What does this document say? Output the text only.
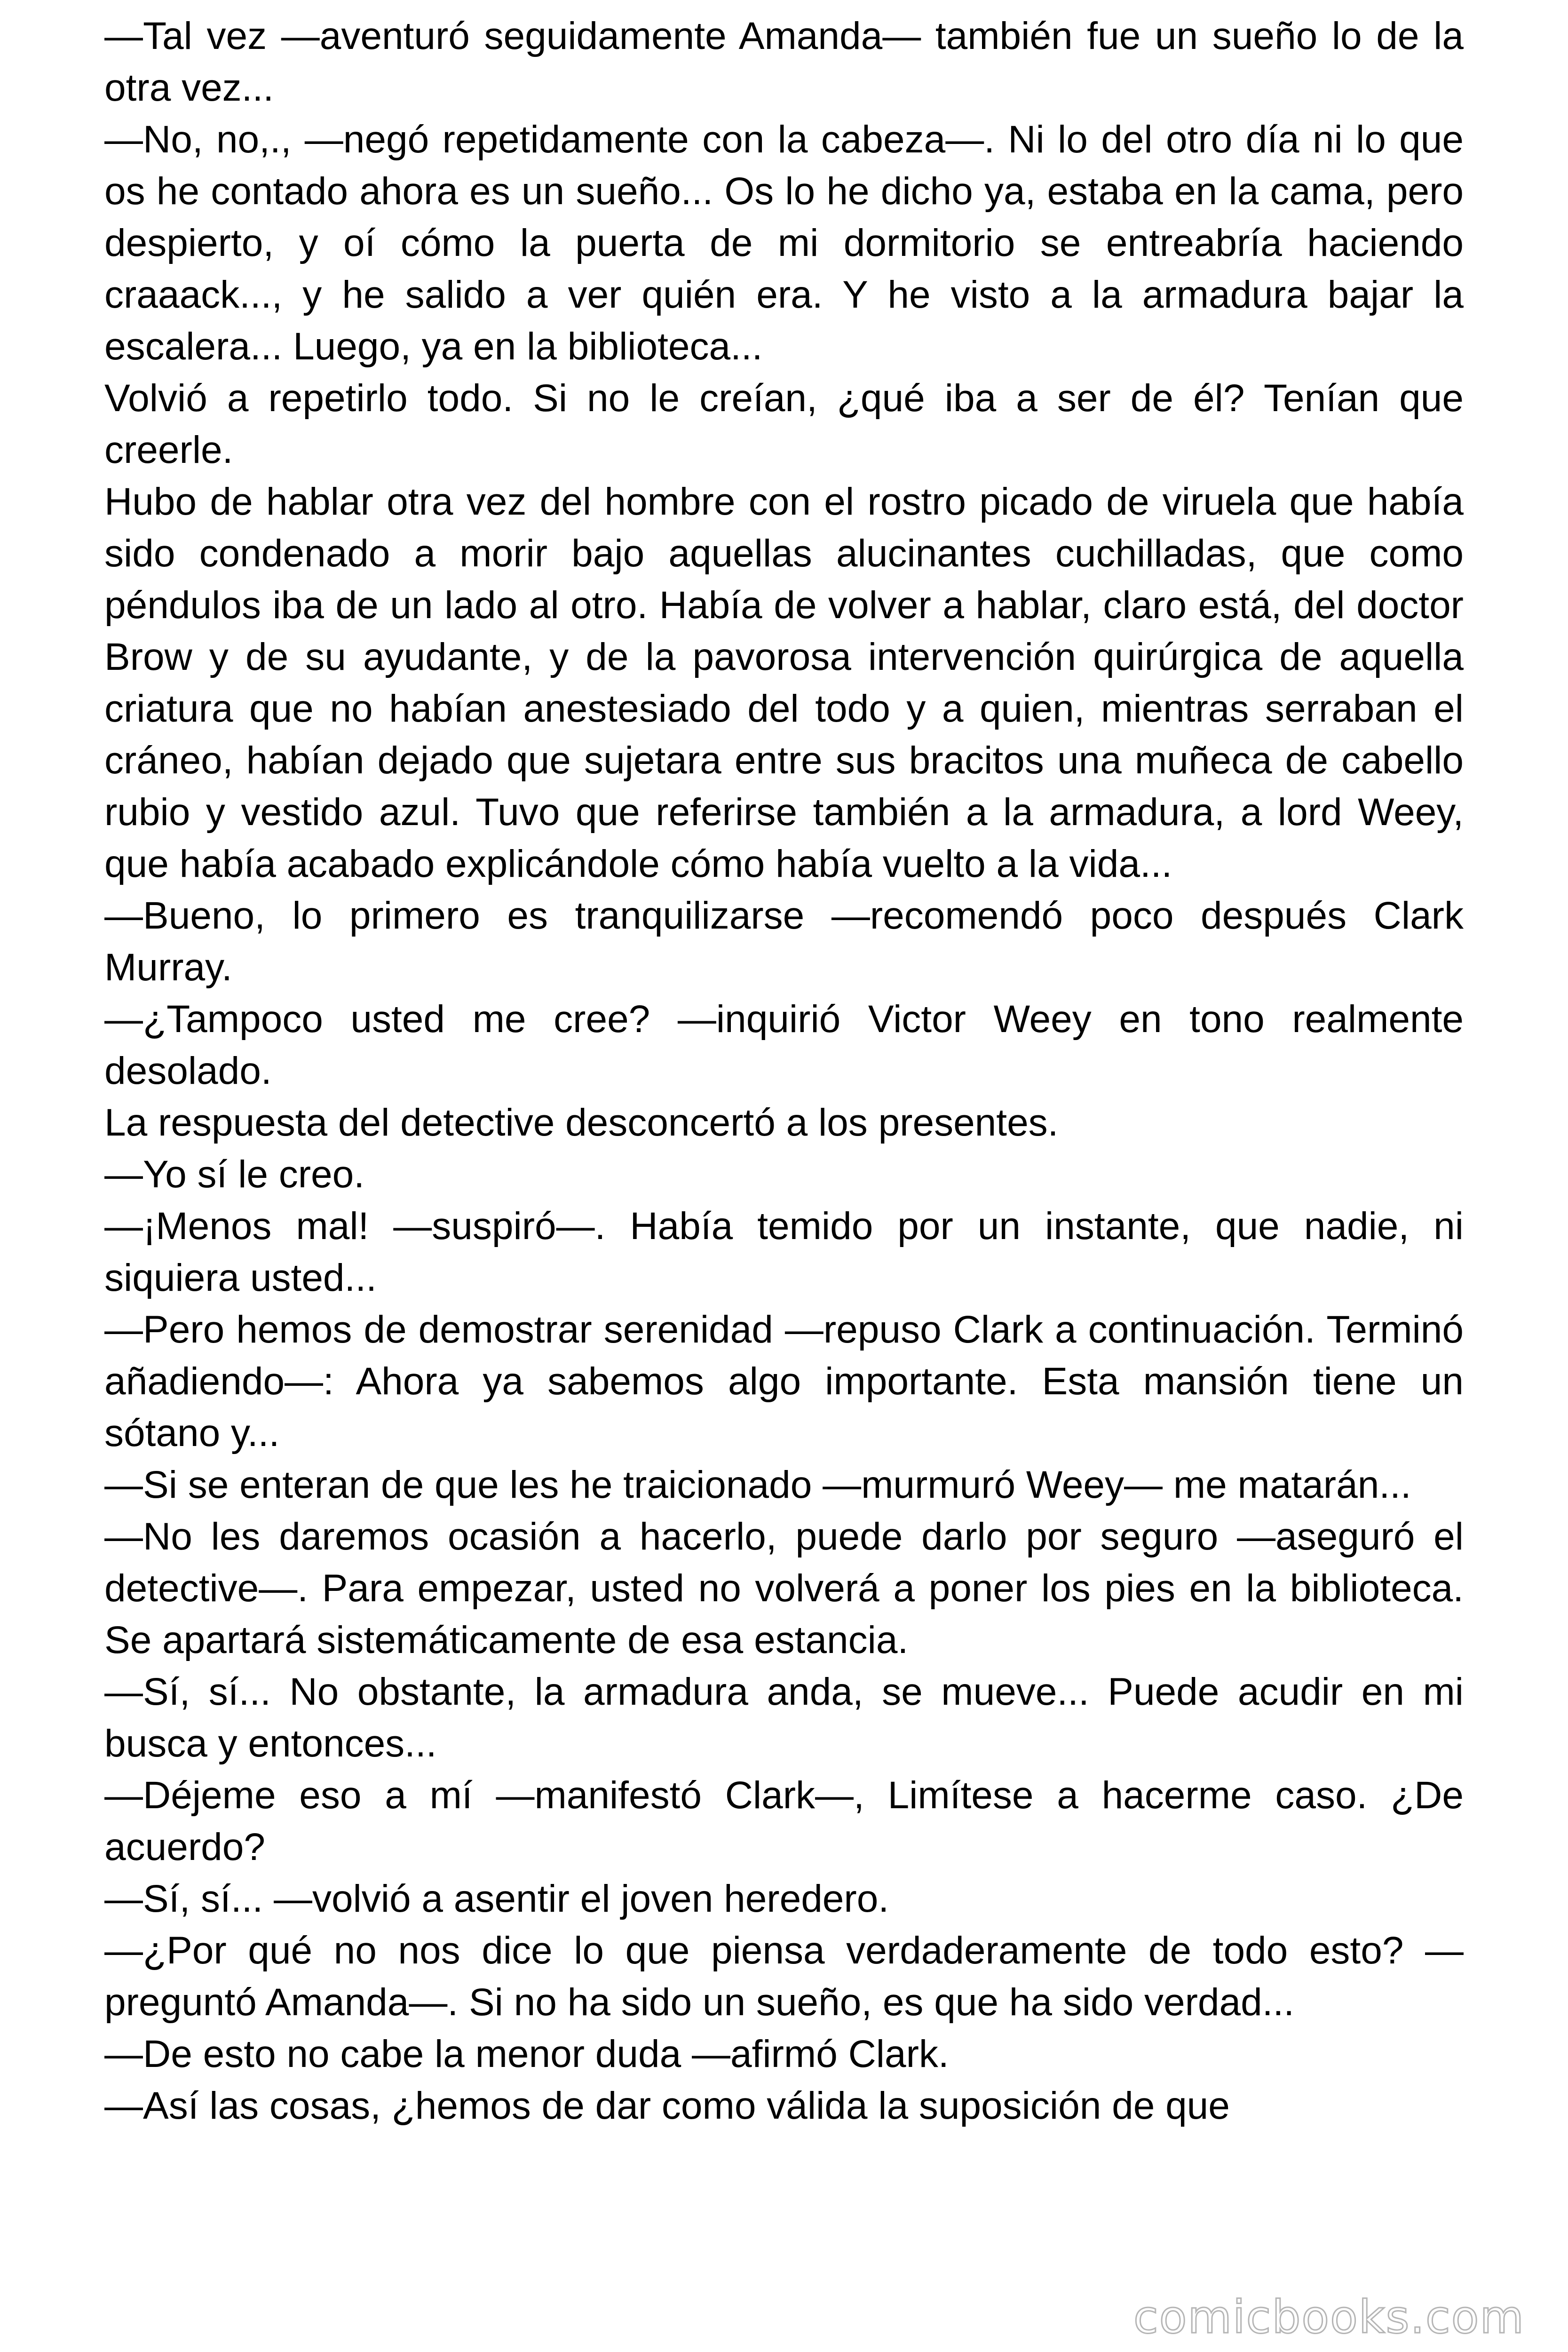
—Tal vez —aventuró seguidamente Amanda— también fue un sueño lo de la otra vez...

—No, no,., —negó repetidamente con la cabeza—. Ni lo del otro día ni lo que os he contado ahora es un sueño... Os lo he dicho ya, estaba en la cama, pero despierto, y oí cómo la puerta de mi dormitorio se entreabría haciendo craaack..., y he salido a ver quién era. Y he visto a la armadura bajar la escalera... Luego, ya en la biblioteca...

Volvió a repetirlo todo. Si no le creían, ¿qué iba a ser de él? Tenían que creerle.

Hubo de hablar otra vez del hombre con el rostro picado de viruela que había sido condenado a morir bajo aquellas alucinantes cuchilladas, que como péndulos iba de un lado al otro. Había de volver a hablar, claro está, del doctor Brow y de su ayudante, y de la pavorosa intervención quirúrgica de aquella criatura que no habían anestesiado del todo y a quien, mientras serraban el cráneo, habían dejado que sujetara entre sus bracitos una muñeca de cabello rubio y vestido azul. Tuvo que referirse también a la armadura, a lord Weey, que había acabado explicándole cómo había vuelto a la vida...

—Bueno, lo primero es tranquilizarse —recomendó poco después Clark Murray.

—¿Tampoco usted me cree? —inquirió Victor Weey en tono realmente desolado.

La respuesta del detective desconcertó a los presentes.

—Yo sí le creo.

—¡Menos mal! —suspiró—. Había temido por un instante, que nadie, ni siquiera usted...

—Pero hemos de demostrar serenidad —repuso Clark a continuación. Terminó añadiendo—: Ahora ya sabemos algo importante. Esta mansión tiene un sótano y...

—Si se enteran de que les he traicionado —murmuró Weey— me matarán...

—No les daremos ocasión a hacerlo, puede darlo por seguro —aseguró el detective—. Para empezar, usted no volverá a poner los pies en la biblioteca. Se apartará sistemáticamente de esa estancia.

—Sí, sí... No obstante, la armadura anda, se mueve... Puede acudir en mi busca y entonces...

—Déjeme eso a mí —manifestó Clark—, Limítese a hacerme caso. ¿De acuerdo?

—Sí, sí... —volvió a asentir el joven heredero.

—¿Por qué no nos dice lo que piensa verdaderamente de todo esto? —preguntó Amanda—. Si no ha sido un sueño, es que ha sido verdad...

—De esto no cabe la menor duda —afirmó Clark.

—Así las cosas, ¿hemos de dar como válida la suposición de que

comicbooks.com
